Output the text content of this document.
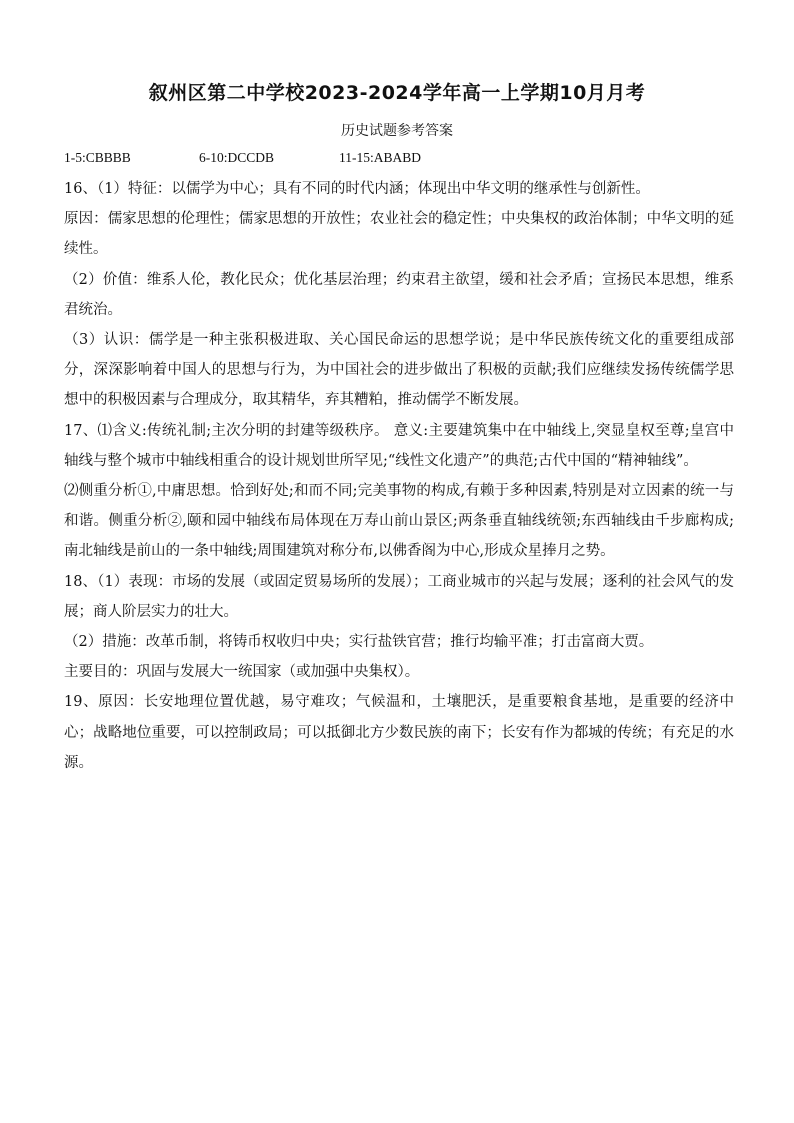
叙州区第二中学校2023-2024学年高一上学期10月月考
历史试题参考答案
1-5:CBBBB	6-10:DCCDB	11-15:ABABD

16、（1）特征：以儒学为中心；具有不同的时代内涵；体现出中华文明的继承性与创新性。

原因：儒家思想的伦理性；儒家思想的开放性；农业社会的稳定性；中央集权的政治体制；中华文明的延续性。

（2）价值：维系人伦，教化民众；优化基层治理；约束君主欲望，缓和社会矛盾；宣扬民本思想，维系君统治。

（3）认识：儒学是一种主张积极进取、关心国民命运的思想学说；是中华民族传统文化的重要组成部分，深深影响着中国人的思想与行为，为中国社会的进步做出了积极的贡献;我们应继续发扬传统儒学思想中的积极因素与合理成分，取其精华，弃其糟粕，推动儒学不断发展。

17、⑴含义:传统礼制;主次分明的封建等级秩序。 意义:主要建筑集中在中轴线上,突显皇权至尊;皇宫中轴线与整个城市中轴线相重合的设计规划世所罕见;“线性文化遗产”的典范;古代中国的“精神轴线”。

⑵侧重分析①,中庸思想。恰到好处;和而不同;完美事物的构成,有赖于多种因素,特别是对立因素的统一与和谐。侧重分析②,颐和园中轴线布局体现在万寿山前山景区;两条垂直轴线统领;东西轴线由千步廊构成;南北轴线是前山的一条中轴线;周围建筑对称分布,以佛香阁为中心,形成众星捧月之势。

18、（1）表现：市场的发展（或固定贸易场所的发展）；工商业城市的兴起与发展；逐利的社会风气的发展；商人阶层实力的壮大。

（2）措施：改革币制，将铸币权收归中央；实行盐铁官营；推行均输平准；打击富商大贾。

主要目的：巩固与发展大一统国家（或加强中央集权）。

19、原因：长安地理位置优越，易守难攻；气候温和，土壤肥沃，是重要粮食基地，是重要的经济中心；战略地位重要，可以控制政局；可以抵御北方少数民族的南下；长安有作为都城的传统；有充足的水源。
